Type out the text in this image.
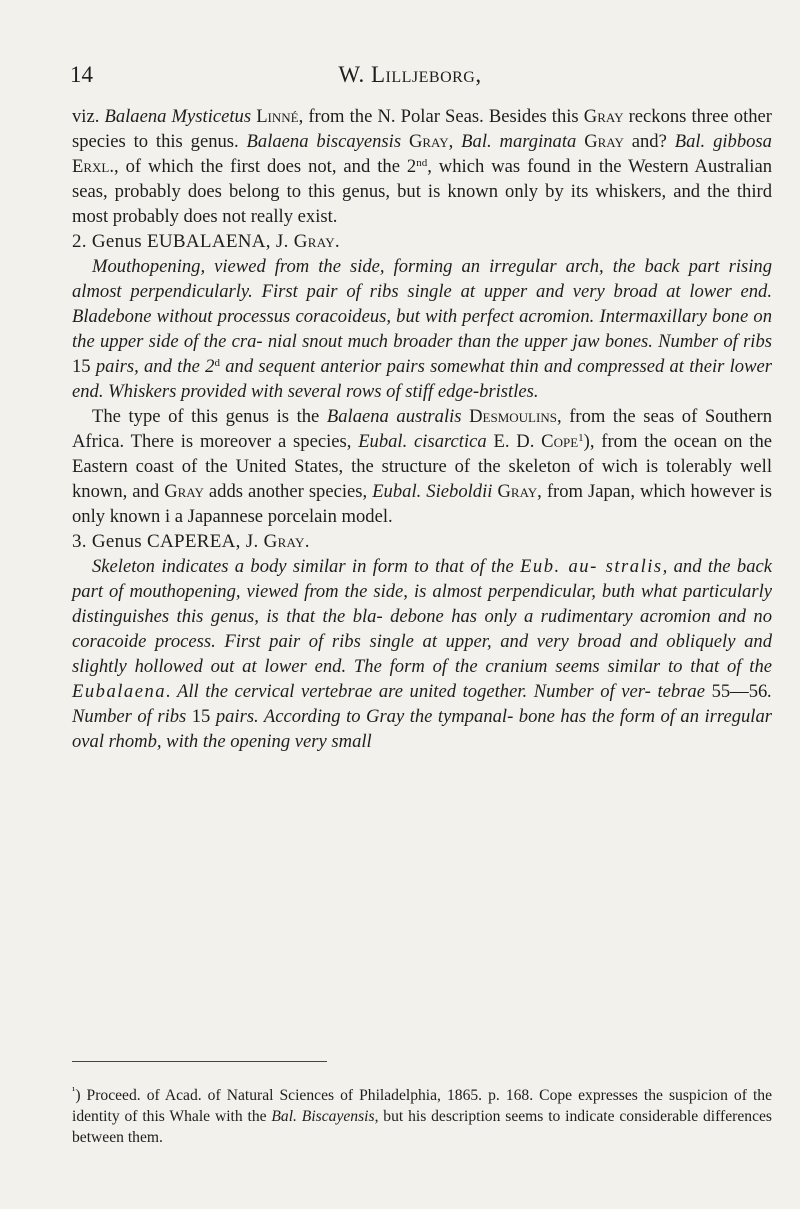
14	W. Lilljeborg,

viz. Balaena Mysticetus Linné, from the N. Polar Seas. Besides this Gray reckons three other species to this genus. Balaena biscayensis Gray, Bal. marginata Gray and? Bal. gibbosa Erxl., of which the first does not, and the 2nd, which was found in the Western Australian seas, probably does belong to this genus, but is known only by its whiskers, and the third most probably does not really exist.

2. Genus EUBALAENA, J. Gray.

Mouthopening, viewed from the side, forming an irregular arch, the back part rising almost perpendicularly. First pair of ribs single at upper and very broad at lower end. Bladebone without processus coracoideus, but with perfect acromion. Intermaxillary bone on the upper side of the cra- nial snout much broader than the upper jaw bones. Number of ribs 15 pairs, and the 2$^d$ and sequent anterior pairs somewhat thin and compressed at their lower end. Whiskers provided with several rows of stiff edge-bristles.

The type of this genus is the Balaena australis Desmoulins, from the seas of Southern Africa. There is moreover a species, Eubal. cisarctica E. D. Cope$^1$), from the ocean on the Eastern coast of the United States, the structure of the skeleton of wich is tolerably well known, and Gray adds another species, Eubal. Sieboldii Gray, from Japan, which however is only known i a Japannese porcelain model.

3. Genus CAPEREA, J. Gray.

Skeleton indicates a body similar in form to that of the Eub. au- stralis, and the back part of mouthopening, viewed from the side, is almost perpendicular, buth what particularly distinguishes this genus, is that the bla- debone has only a rudimentary acromion and no coracoide process. First pair of ribs single at upper, and very broad and obliquely and slightly hollowed out at lower end. The form of the cranium seems similar to that of the Eubalaena. All the cervical vertebrae are united together. Number of ver- tebrae 55—56. Number of ribs 15 pairs. According to Gray the tympanal- bone has the form of an irregular oval rhomb, with the opening very small

$^{^1}$) Proceed. of Acad. of Natural Sciences of Philadelphia, 1865. p. 168. Cope expresses the suspicion of the identity of this Whale with the Bal. Biscayensis, but his description seems to indicate considerable differences between them.
